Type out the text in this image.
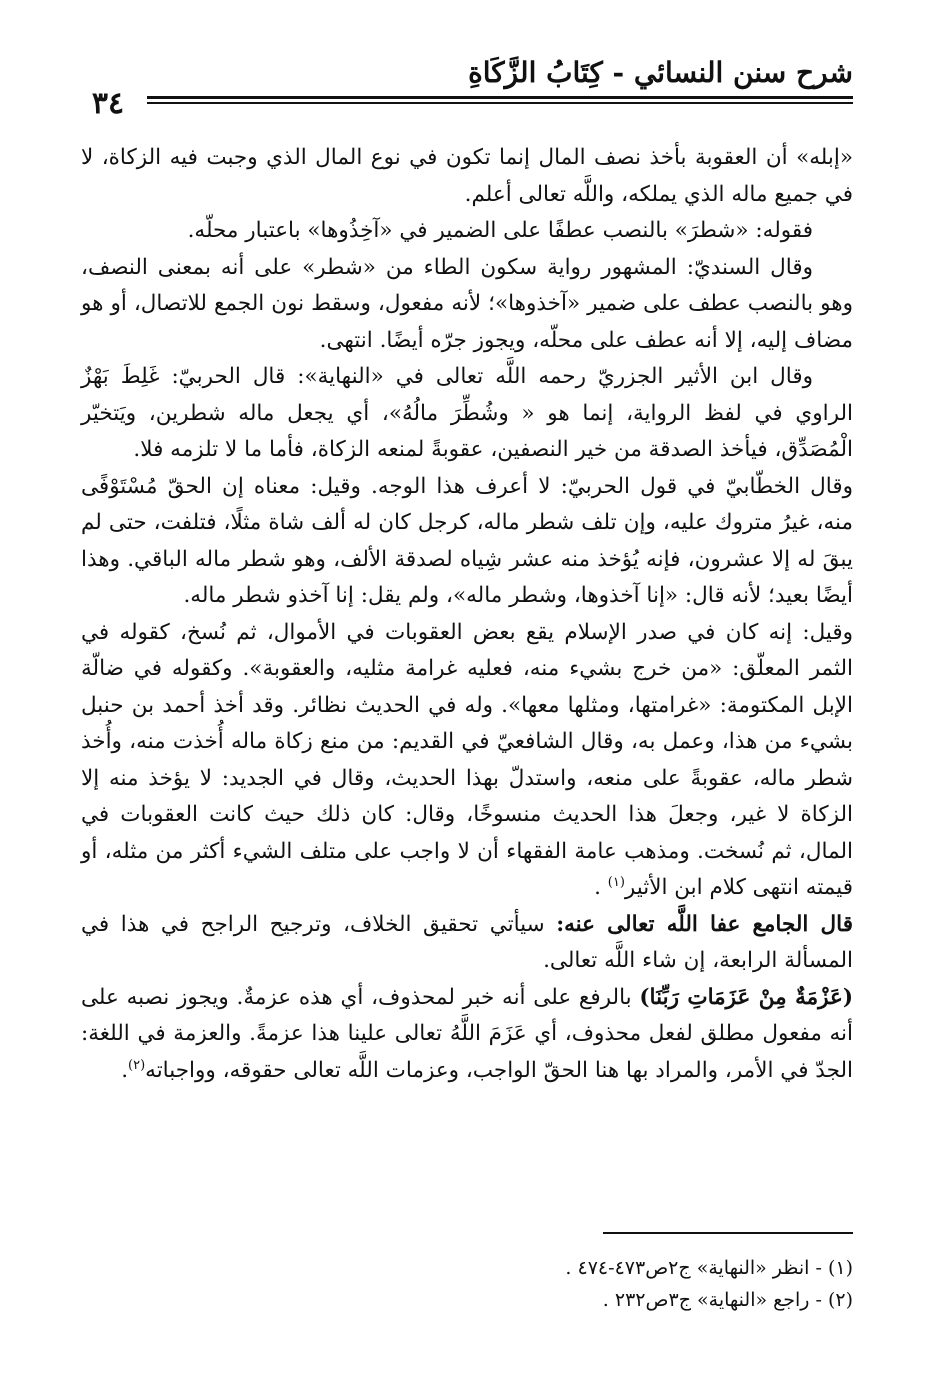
شرح سنن النسائي - كِتَابُ الزَّكَاةِ
٣٤

«إبله» أن العقوبة بأخذ نصف المال إنما تكون في نوع المال الذي وجبت فيه الزكاة، لا في جميع ماله الذي يملكه، واللَّه تعالى أعلم.

فقوله: «شطرَ» بالنصب عطفًا على الضمير في «آخِذُوها» باعتبار محلّه.

وقال السنديّ: المشهور رواية سكون الطاء من «شطر» على أنه بمعنى النصف، وهو بالنصب عطف على ضمير «آخذوها»؛ لأنه مفعول، وسقط نون الجمع للاتصال، أو هو مضاف إليه، إلا أنه عطف على محلّه، ويجوز جرّه أيضًا. انتهى.

وقال ابن الأثير الجزريّ رحمه اللَّه تعالى في «النهاية»: قال الحربيّ: غَلِطَ بَهْزٌ الراوي في لفظ الرواية، إنما هو « وشُطِّرَ مالُهُ»، أي يجعل ماله شطرين، ويَتخيّر الْمُصَدِّق، فيأخذ الصدقة من خير النصفين، عقوبةً لمنعه الزكاة، فأما ما لا تلزمه فلا.

وقال الخطّابيّ في قول الحربيّ: لا أعرف هذا الوجه. وقيل: معناه إن الحقّ مُسْتَوْفًى منه، غيرُ متروك عليه، وإن تلف شطر ماله، كرجل كان له ألف شاة مثلًا، فتلفت، حتى لم يبقَ له إلا عشرون، فإنه يُؤخذ منه عشر شِياه لصدقة الألف، وهو شطر ماله الباقي. وهذا أيضًا بعيد؛ لأنه قال: «إنا آخذوها، وشطر ماله»، ولم يقل: إنا آخذو شطر ماله.

وقيل: إنه كان في صدر الإسلام يقع بعض العقوبات في الأموال، ثم نُسخ، كقوله في الثمر المعلّق: «من خرج بشيء منه، فعليه غرامة مثليه، والعقوبة». وكقوله في ضالّة الإبل المكتومة: «غرامتها، ومثلها معها». وله في الحديث نظائر. وقد أخذ أحمد بن حنبل بشيء من هذا، وعمل به، وقال الشافعيّ في القديم: من منع زكاة ماله أُخذت منه، وأُخذ شطر ماله، عقوبةً على منعه، واستدلّ بهذا الحديث، وقال في الجديد: لا يؤخذ منه إلا الزكاة لا غير، وجعلَ هذا الحديث منسوخًا، وقال: كان ذلك حيث كانت العقوبات في المال، ثم نُسخت. ومذهب عامة الفقهاء أن لا واجب على متلف الشيء أكثر من مثله، أو قيمته انتهى كلام ابن الأثير$^{(١)}$ .

قال الجامع عفا اللَّه تعالى عنه: سيأتي تحقيق الخلاف، وترجيح الراجح في هذا في المسألة الرابعة، إن شاء اللَّه تعالى.

(عَزْمَةٌ مِنْ عَزَمَاتِ رَبِّنَا) بالرفع على أنه خبر لمحذوف، أي هذه عزمةٌ. ويجوز نصبه على أنه مفعول مطلق لفعل محذوف، أي عَزَمَ اللَّهُ تعالى علينا هذا عزمةً. والعزمة في اللغة: الجدّ في الأمر، والمراد بها هنا الحقّ الواجب، وعزمات اللَّه تعالى حقوقه، وواجباته$^{(٢)}$.

(١) - انظر «النهاية» ج٢ص٤٧٣-٤٧٤ .
(٢) - راجع «النهاية» ج٣ص٢٣٢ .
